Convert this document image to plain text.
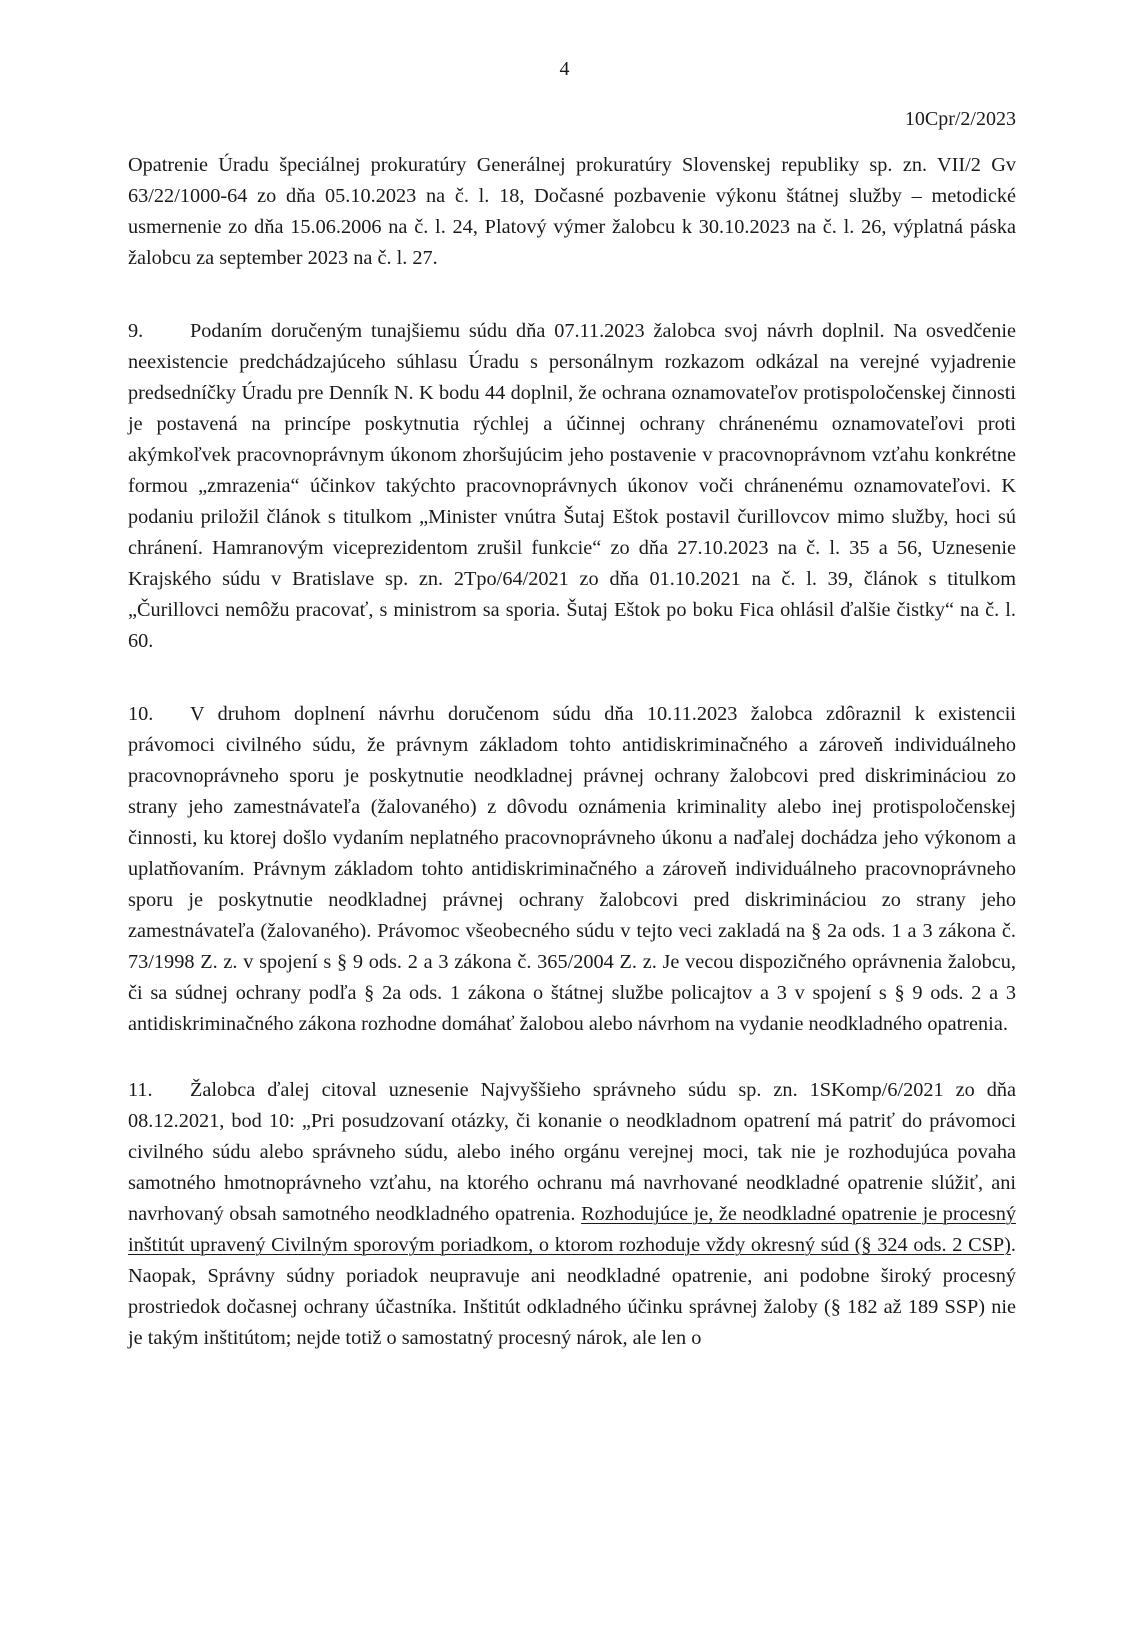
4
10Cpr/2/2023

Opatrenie Úradu špeciálnej prokuratúry Generálnej prokuratúry Slovenskej republiky sp. zn. VII/2 Gv 63/22/1000-64 zo dňa 05.10.2023 na č. l. 18, Dočasné pozbavenie výkonu štátnej služby – metodické usmernenie zo dňa 15.06.2006 na č. l. 24, Platový výmer žalobcu k 30.10.2023 na č. l. 26, výplatná páska žalobcu za september 2023 na č. l. 27.

9. Podaním doručeným tunajšiemu súdu dňa 07.11.2023 žalobca svoj návrh doplnil. Na osvedčenie neexistencie predchádzajúceho súhlasu Úradu s personálnym rozkazom odkázal na verejné vyjadrenie predsedníčky Úradu pre Denník N. K bodu 44 doplnil, že ochrana oznamovateľov protispoločenskej činnosti je postavená na princípe poskytnutia rýchlej a účinnej ochrany chránenému oznamovateľovi proti akýmkoľvek pracovnoprávnym úkonom zhoršujúcim jeho postavenie v pracovnoprávnom vzťahu konkrétne formou „zmrazenia“ účinkov takýchto pracovnoprávnych úkonov voči chránenému oznamovateľovi. K podaniu priložil článok s titulkom „Minister vnútra Šutaj Eštok postavil čurillovcov mimo služby, hoci sú chránení. Hamranovým viceprezidentom zrušil funkcie“ zo dňa 27.10.2023 na č. l. 35 a 56, Uznesenie Krajského súdu v Bratislave sp. zn. 2Tpo/64/2021 zo dňa 01.10.2021 na č. l. 39, článok s titulkom „Čurillovci nemôžu pracovať, s ministrom sa sporia. Šutaj Eštok po boku Fica ohlásil ďalšie čistky“ na č. l. 60.

10. V druhom doplnení návrhu doručenom súdu dňa 10.11.2023 žalobca zdôraznil k existencii právomoci civilného súdu, že právnym základom tohto antidiskriminačného a zároveň individuálneho pracovnoprávneho sporu je poskytnutie neodkladnej právnej ochrany žalobcovi pred diskrimináciou zo strany jeho zamestnávateľa (žalovaného) z dôvodu oznámenia kriminality alebo inej protispoločenskej činnosti, ku ktorej došlo vydaním neplatného pracovnoprávneho úkonu a naďalej dochádza jeho výkonom a uplatňovaním. Právnym základom tohto antidiskriminačného a zároveň individuálneho pracovnoprávneho sporu je poskytnutie neodkladnej právnej ochrany žalobcovi pred diskrimináciou zo strany jeho zamestnávateľa (žalovaného). Právomoc všeobecného súdu v tejto veci zakladá na § 2a ods. 1 a 3 zákona č. 73/1998 Z. z. v spojení s § 9 ods. 2 a 3 zákona č. 365/2004 Z. z. Je vecou dispozičného oprávnenia žalobcu, či sa súdnej ochrany podľa § 2a ods. 1 zákona o štátnej službe policajtov a 3 v spojení s § 9 ods. 2 a 3 antidiskriminačného zákona rozhodne domáhať žalobou alebo návrhom na vydanie neodkladného opatrenia.

11. Žalobca ďalej citoval uznesenie Najvyššieho správneho súdu sp. zn. 1SKomp/6/2021 zo dňa 08.12.2021, bod 10: „Pri posudzovaní otázky, či konanie o neodkladnom opatrení má patriť do právomoci civilného súdu alebo správneho súdu, alebo iného orgánu verejnej moci, tak nie je rozhodujúca povaha samotného hmotnoprávneho vzťahu, na ktorého ochranu má navrhované neodkladné opatrenie slúžiť, ani navrhovaný obsah samotného neodkladného opatrenia. Rozhodujúce je, že neodkladné opatrenie je procesný inštitút upravený Civilným sporovým poriadkom, o ktorom rozhoduje vždy okresný súd (§ 324 ods. 2 CSP). Naopak, Správny súdny poriadok neupravuje ani neodkladné opatrenie, ani podobne široký procesný prostriedok dočasnej ochrany účastníka. Inštitút odkladného účinku správnej žaloby (§ 182 až 189 SSP) nie je takým inštitútom; nejde totiž o samostatný procesný nárok, ale len o
